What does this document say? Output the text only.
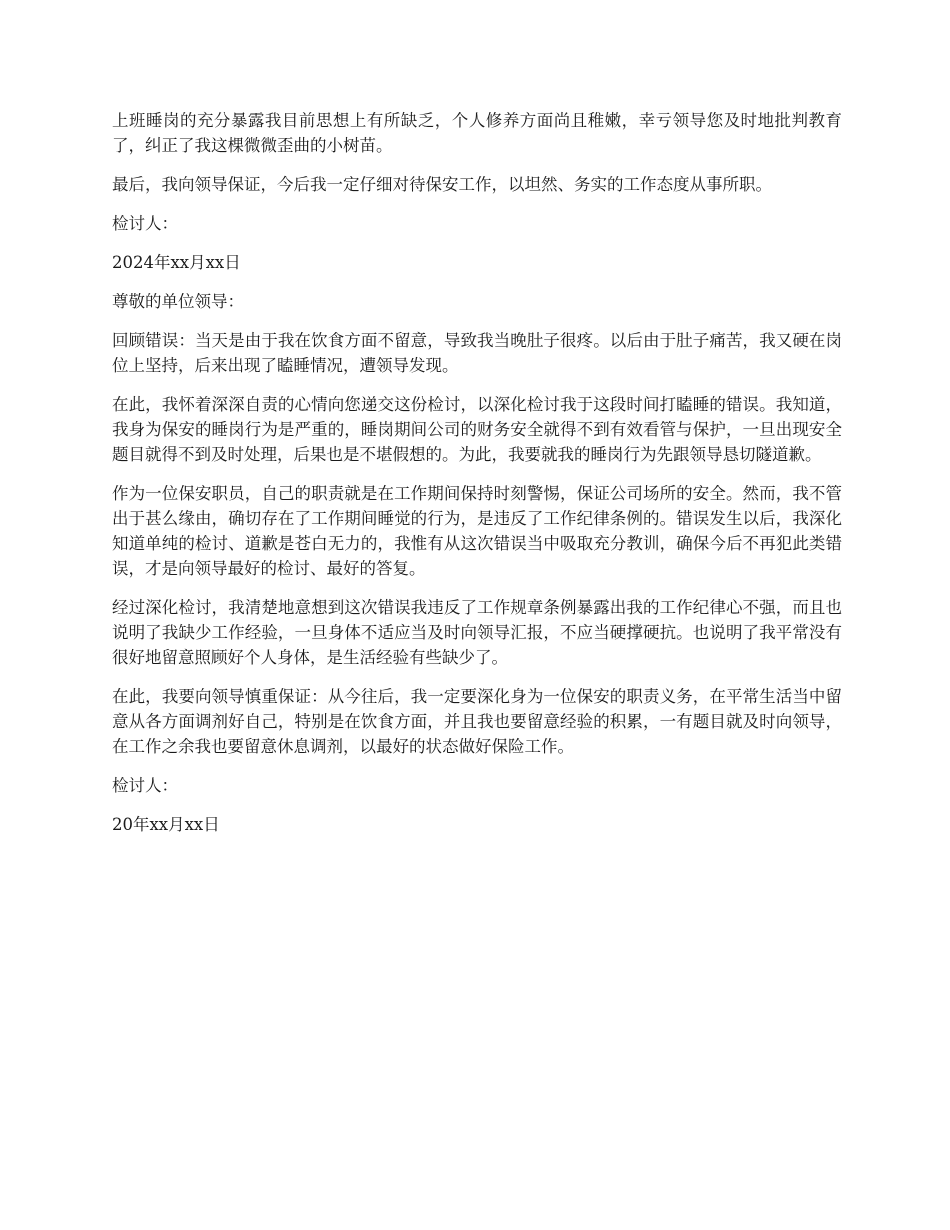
上班睡岗的充分暴露我目前思想上有所缺乏，个人修养方面尚且稚嫩，幸亏领导您及时地批判教育了，纠正了我这棵微微歪曲的小树苗。

最后，我向领导保证，今后我一定仔细对待保安工作，以坦然、务实的工作态度从事所职。

检讨人：

2024年xx月xx日

尊敬的单位领导：

回顾错误：当天是由于我在饮食方面不留意，导致我当晚肚子很疼。以后由于肚子痛苦，我又硬在岗位上坚持，后来出现了瞌睡情况，遭领导发现。

在此，我怀着深深自责的心情向您递交这份检讨，以深化检讨我于这段时间打瞌睡的错误。我知道，我身为保安的睡岗行为是严重的，睡岗期间公司的财务安全就得不到有效看管与保护，一旦出现安全题目就得不到及时处理，后果也是不堪假想的。为此，我要就我的睡岗行为先跟领导恳切隧道歉。

作为一位保安职员，自己的职责就是在工作期间保持时刻警惕，保证公司场所的安全。然而，我不管出于甚么缘由，确切存在了工作期间睡觉的行为，是违反了工作纪律条例的。错误发生以后，我深化知道单纯的检讨、道歉是苍白无力的，我惟有从这次错误当中吸取充分教训，确保今后不再犯此类错误，才是向领导最好的检讨、最好的答复。

经过深化检讨，我清楚地意想到这次错误我违反了工作规章条例暴露出我的工作纪律心不强，而且也说明了我缺少工作经验，一旦身体不适应当及时向领导汇报，不应当硬撑硬抗。也说明了我平常没有很好地留意照顾好个人身体，是生活经验有些缺少了。

在此，我要向领导慎重保证：从今往后，我一定要深化身为一位保安的职责义务，在平常生活当中留意从各方面调剂好自己，特别是在饮食方面，并且我也要留意经验的积累，一有题目就及时向领导，在工作之余我也要留意休息调剂，以最好的状态做好保险工作。

检讨人：

20年xx月xx日
